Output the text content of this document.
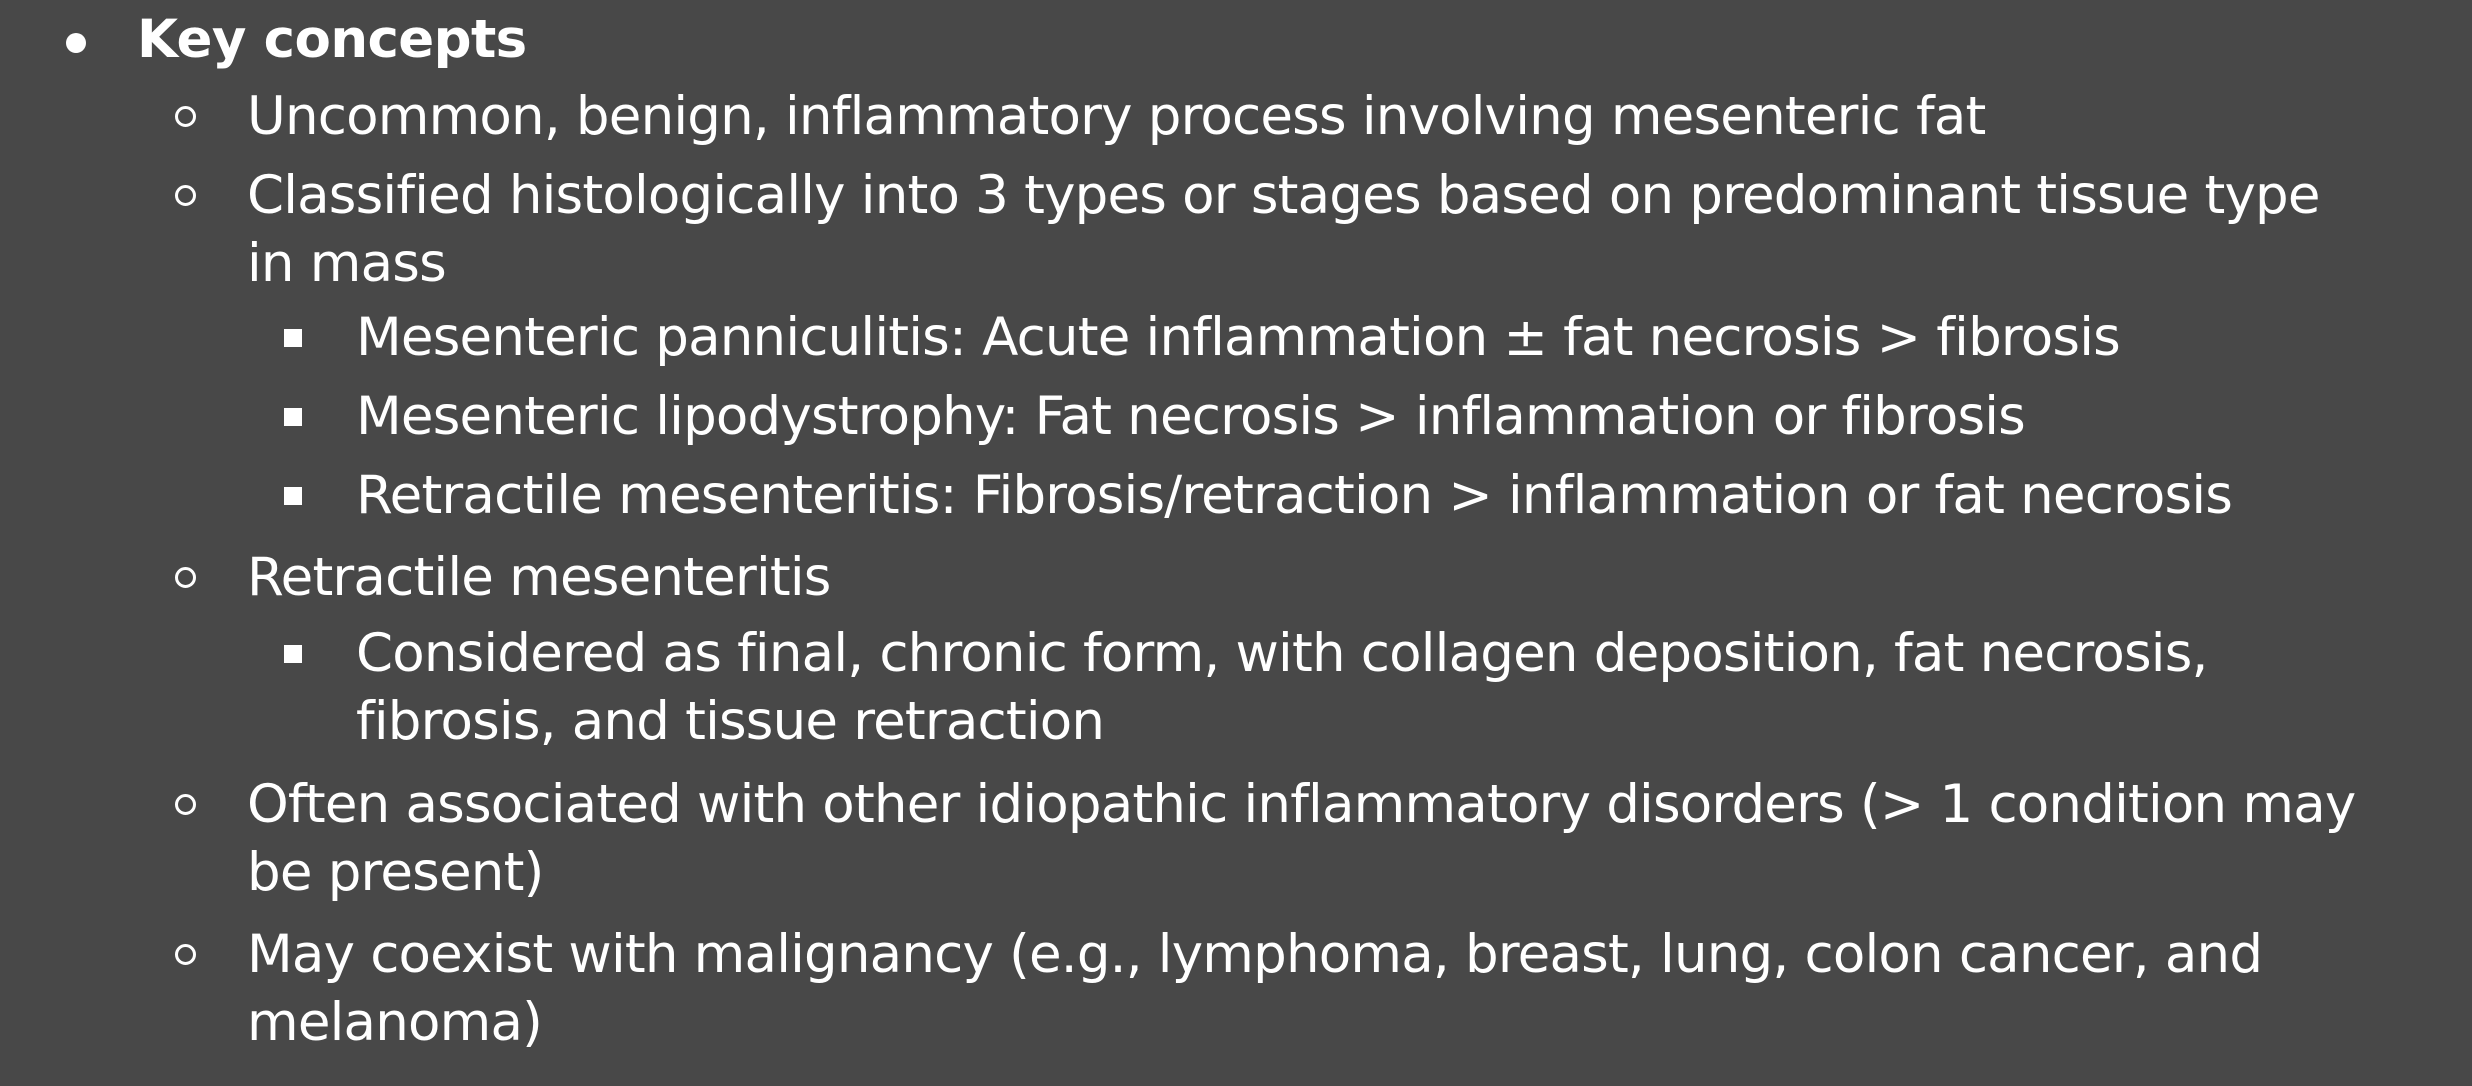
Key concepts
Uncommon, benign, inflammatory process involving mesenteric fat
Classified histologically into 3 types or stages based on predominant tissue type
in mass
Mesenteric panniculitis: Acute inflammation ± fat necrosis > fibrosis
Mesenteric lipodystrophy: Fat necrosis > inflammation or fibrosis
Retractile mesenteritis: Fibrosis/retraction > inflammation or fat necrosis
Retractile mesenteritis
Considered as final, chronic form, with collagen deposition, fat necrosis,
fibrosis, and tissue retraction
Often associated with other idiopathic inflammatory disorders (> 1 condition may
be present)
May coexist with malignancy (e.g., lymphoma, breast, lung, colon cancer, and
melanoma)
